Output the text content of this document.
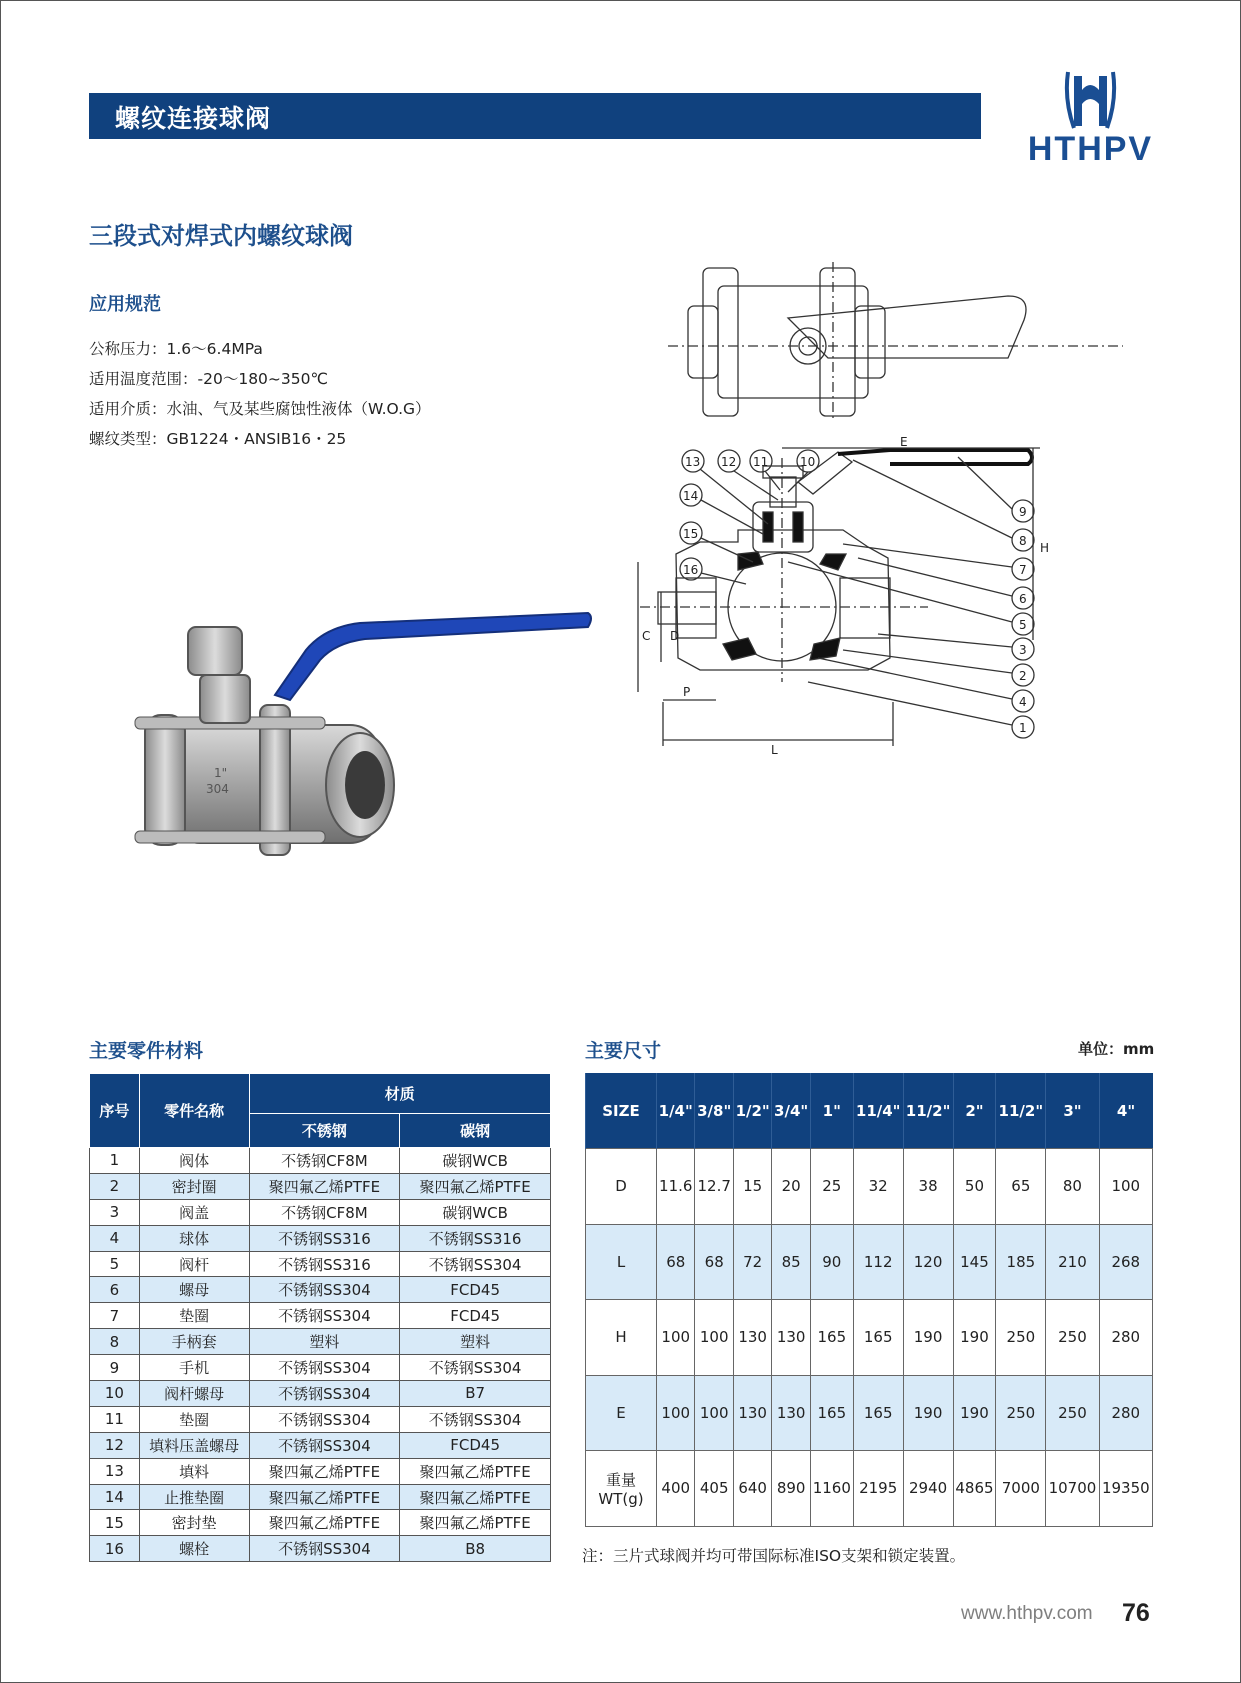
螺纹连接球阀
HTHPV
三段式对焊式内螺纹球阀
应用规范
公称压力：1.6～6.4MPa
适用温度范围：-20～180~350℃
适用介质：水油、气及某些腐蚀性液体（W.O.G）
螺纹类型：GB1224・ANSIB16・25
1"
304
E
H
C D
P
L
13 12 11	10
14
15
16
9
8
7
6
5
3
2
4
1
主要零件材料	主要尺寸	单位：mm
序号	零件名称	材质	
		不锈钢	碳钢
1	阀体	不锈钢CF8M	碳钢WCB
2	密封圈	聚四氟乙烯PTFE	聚四氟乙烯PTFE
3	阀盖	不锈钢CF8M	碳钢WCB
4	球体	不锈钢SS316	不锈钢SS316
5	阀杆	不锈钢SS316	不锈钢SS304
6	螺母	不锈钢SS304	FCD45
7	垫圈	不锈钢SS304	FCD45
8	手柄套	塑料	塑料
9	手机	不锈钢SS304	不锈钢SS304
10	阀杆螺母	不锈钢SS304	B7
11	垫圈	不锈钢SS304	不锈钢SS304
12	填料压盖螺母	不锈钢SS304	FCD45
13	填料	聚四氟乙烯PTFE	聚四氟乙烯PTFE
14	止推垫圈	聚四氟乙烯PTFE	聚四氟乙烯PTFE
15	密封垫	聚四氟乙烯PTFE	聚四氟乙烯PTFE
16	螺栓	不锈钢SS304	B8
SIZE	1/4"	3/8"	1/2"	3/4"	1"	11/4"	11/2"	2"	11/2"	3"	4"
D	11.6	12.7	15	20	25	32	38	50	65	80	100
L	68	68	72	85	90	112	120	145	185	210	268
H	100	100	130	130	165	165	190	190	250	250	280
E	100	100	130	130	165	165	190	190	250	250	280

重量
WT(g)	400	405	640	890	1160	2195	2940	4865	7000	10700	19350
注：三片式球阀并均可带国际标准ISO支架和锁定装置。
www.hthpv.com 76
